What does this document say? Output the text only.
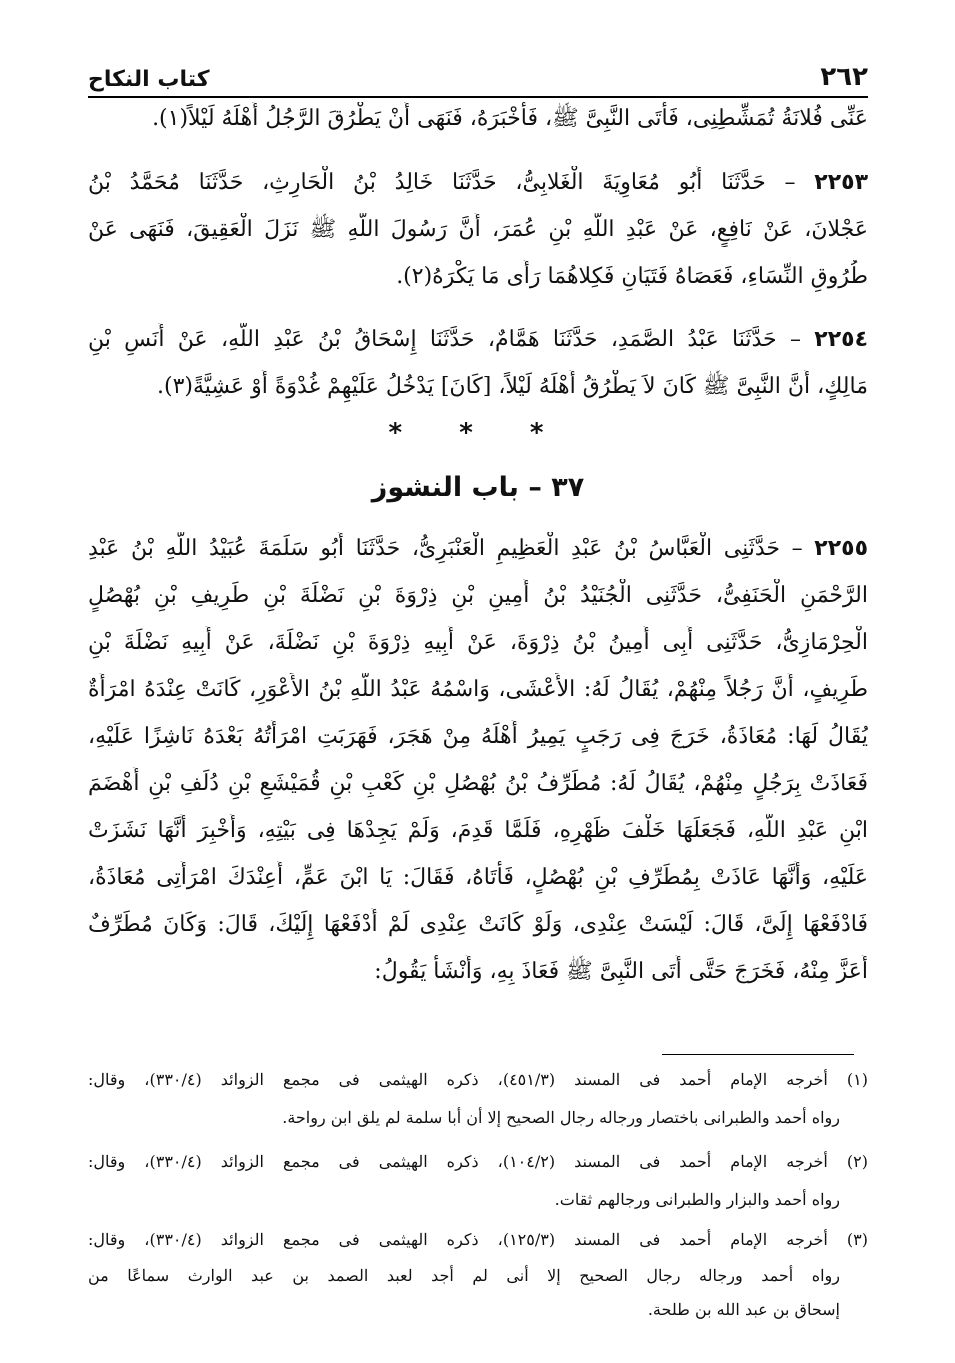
٢٦٢
كتاب النكاح
عَنِّى فُلانَةُ تُمَشِّطِنِى، فَأَتَى النَّبِىَّ ﷺ، فَأَخْبَرَهُ، فَنَهَى أَنْ يَطْرُقَ الرَّجُلُ أَهْلَهُ لَيْلاً(١).
٢٢٥٣ – حَدَّثَنَا أَبُو مُعَاوِيَةَ الْغَلابِىُّ، حَدَّثَنَا خَالِدُ بْنُ الْحَارِثِ، حَدَّثَنَا مُحَمَّدُ بْنُ
عَجْلانَ، عَنْ نَافِعٍ، عَنْ عَبْدِ اللَّهِ بْنِ عُمَرَ، أَنَّ رَسُولَ اللَّهِ ﷺ نَزَلَ الْعَقِيقَ، فَنَهَى عَنْ
طُرُوقِ النِّسَاءِ، فَعَصَاهُ فَتَيَانِ فَكِلاهُمَا رَأَى مَا يَكْرَهُ(٢).
٢٢٥٤ – حَدَّثَنَا عَبْدُ الصَّمَدِ، حَدَّثَنَا هَمَّامٌ، حَدَّثَنَا إِسْحَاقُ بْنُ عَبْدِ اللَّهِ، عَنْ أَنَسِ بْنِ
مَالِكٍ، أَنَّ النَّبِىَّ ﷺ كَانَ لاَ يَطْرُقُ أَهْلَهُ لَيْلاً، [كَانَ] يَدْخُلُ عَلَيْهِمْ غُدْوَةً أَوْ عَشِيَّةً(٣).
* * *
٣٧ – باب النشوز
٢٢٥٥ – حَدَّثَنِى الْعَبَّاسُ بْنُ عَبْدِ الْعَظِيمِ الْعَنْبَرِىُّ، حَدَّثَنَا أَبُو سَلَمَةَ عُبَيْدُ اللَّهِ بْنُ عَبْدِ
الرَّحْمَنِ الْحَنَفِىُّ، حَدَّثَنِى الْجُنَيْدُ بْنُ أَمِينِ بْنِ ذِرْوَةَ بْنِ نَضْلَةَ بْنِ طَرِيفِ بْنِ بُهْصُلٍ
الْحِرْمَازِىُّ، حَدَّثَنِى أَبِى أَمِينُ بْنُ ذِرْوَةَ، عَنْ أَبِيهِ ذِرْوَةَ بْنِ نَضْلَةَ، عَنْ أَبِيهِ نَضْلَةَ بْنِ
طَرِيفٍ، أَنَّ رَجُلاً مِنْهُمْ، يُقَالُ لَهُ: الأَعْشَى، وَاسْمُهُ عَبْدُ اللَّهِ بْنُ الأَعْوَرِ، كَانَتْ عِنْدَهُ امْرَأَةٌ
يُقَالُ لَهَا: مُعَاذَةُ، خَرَجَ فِى رَجَبٍ يَمِيرُ أَهْلَهُ مِنْ هَجَرَ، فَهَرَبَتِ امْرَأَتُهُ بَعْدَهُ نَاشِزًا عَلَيْهِ،
فَعَاذَتْ بِرَجُلٍ مِنْهُمْ، يُقَالُ لَهُ: مُطَرِّفُ بْنُ بُهْصُلِ بْنِ كَعْبِ بْنِ قُمَيْشَعِ بْنِ دُلَفِ بْنِ أَهْضَمَ
ابْنِ عَبْدِ اللَّهِ، فَجَعَلَهَا خَلْفَ ظَهْرِهِ، فَلَمَّا قَدِمَ، وَلَمْ يَجِدْهَا فِى بَيْتِهِ، وَأُخْبِرَ أَنَّهَا نَشَزَتْ
عَلَيْهِ، وَأَنَّهَا عَاذَتْ بِمُطَرِّفِ بْنِ بُهْصُلٍ، فَأَتَاهُ، فَقَالَ: يَا ابْنَ عَمٍّ، أَعِنْدَكَ امْرَأَتِى مُعَاذَةُ،
فَادْفَعْهَا إِلَىَّ، قَالَ: لَيْسَتْ عِنْدِى، وَلَوْ كَانَتْ عِنْدِى لَمْ أَدْفَعْهَا إِلَيْكَ، قَالَ: وَكَانَ مُطَرِّفٌ
أَعَزَّ مِنْهُ، فَخَرَجَ حَتَّى أَتَى النَّبِىَّ ﷺ فَعَاذَ بِهِ، وَأَنْشَأَ يَقُولُ:
(١) أخرجه الإمام أحمد فى المسند (٤٥١/٣)، ذكره الهيثمى فى مجمع الزوائد (٣٣٠/٤)، وقال:
رواه أحمد والطبرانى باختصار ورجاله رجال الصحيح إلا أن أبا سلمة لم يلق ابن رواحة.
(٢) أخرجه الإمام أحمد فى المسند (١٠٤/٢)، ذكره الهيثمى فى مجمع الزوائد (٣٣٠/٤)، وقال:
رواه أحمد والبزار والطبرانى ورجالهم ثقات.
(٣) أخرجه الإمام أحمد فى المسند (١٢٥/٣)، ذكره الهيثمى فى مجمع الزوائد (٣٣٠/٤)، وقال:
رواه أحمد ورجاله رجال الصحيح إلا أنى لم أجد لعبد الصمد بن عبد الوارث سماعًا من
إسحاق بن عبد الله بن طلحة.
